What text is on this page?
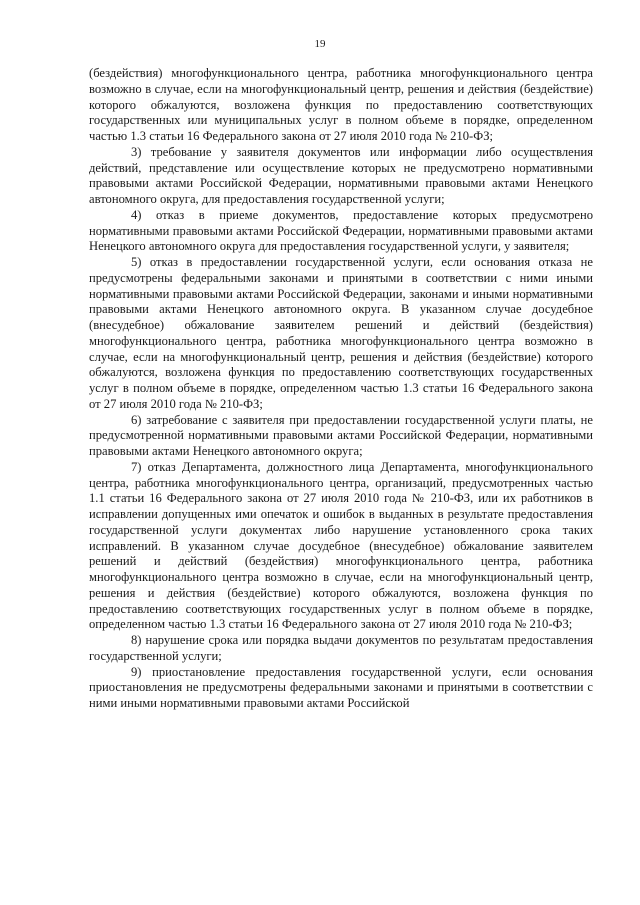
19

(бездействия) многофункционального центра, работника многофункционального центра возможно в случае, если на многофункциональный центр, решения и действия (бездействие) которого обжалуются, возложена функция по предоставлению соответствующих государственных или муниципальных услуг в полном объеме в порядке, определенном частью 1.3 статьи 16 Федерального закона от 27 июля 2010 года № 210-ФЗ;

3) требование у заявителя документов или информации либо осуществления действий, представление или осуществление которых не предусмотрено нормативными правовыми актами Российской Федерации, нормативными правовыми актами Ненецкого автономного округа, для предоставления государственной услуги;

4) отказ в приеме документов, предоставление которых предусмотрено нормативными правовыми актами Российской Федерации, нормативными правовыми актами Ненецкого автономного округа для предоставления государственной услуги, у заявителя;

5) отказ в предоставлении государственной услуги, если основания отказа не предусмотрены федеральными законами и принятыми в соответствии с ними иными нормативными правовыми актами Российской Федерации, законами и иными нормативными правовыми актами Ненецкого автономного округа. В указанном случае досудебное (внесудебное) обжалование заявителем решений и действий (бездействия) многофункционального центра, работника многофункционального центра возможно в случае, если на многофункциональный центр, решения и действия (бездействие) которого обжалуются, возложена функция по предоставлению соответствующих государственных услуг в полном объеме в порядке, определенном частью 1.3 статьи 16 Федерального закона от 27 июля 2010 года № 210-ФЗ;

6) затребование с заявителя при предоставлении государственной услуги платы, не предусмотренной нормативными правовыми актами Российской Федерации, нормативными правовыми актами Ненецкого автономного округа;

7) отказ Департамента, должностного лица Департамента, многофункционального центра, работника многофункционального центра, организаций, предусмотренных частью 1.1 статьи 16 Федерального закона от 27 июля 2010 года № 210-ФЗ, или их работников в исправлении допущенных ими опечаток и ошибок в выданных в результате предоставления государственной услуги документах либо нарушение установленного срока таких исправлений. В указанном случае досудебное (внесудебное) обжалование заявителем решений и действий (бездействия) многофункционального центра, работника многофункционального центра возможно в случае, если на многофункциональный центр, решения и действия (бездействие) которого обжалуются, возложена функция по предоставлению соответствующих государственных услуг в полном объеме в порядке, определенном частью 1.3 статьи 16 Федерального закона от 27 июля 2010 года № 210-ФЗ;

8) нарушение срока или порядка выдачи документов по результатам предоставления государственной услуги;

9) приостановление предоставления государственной услуги, если основания приостановления не предусмотрены федеральными законами и принятыми в соответствии с ними иными нормативными правовыми актами Российской
